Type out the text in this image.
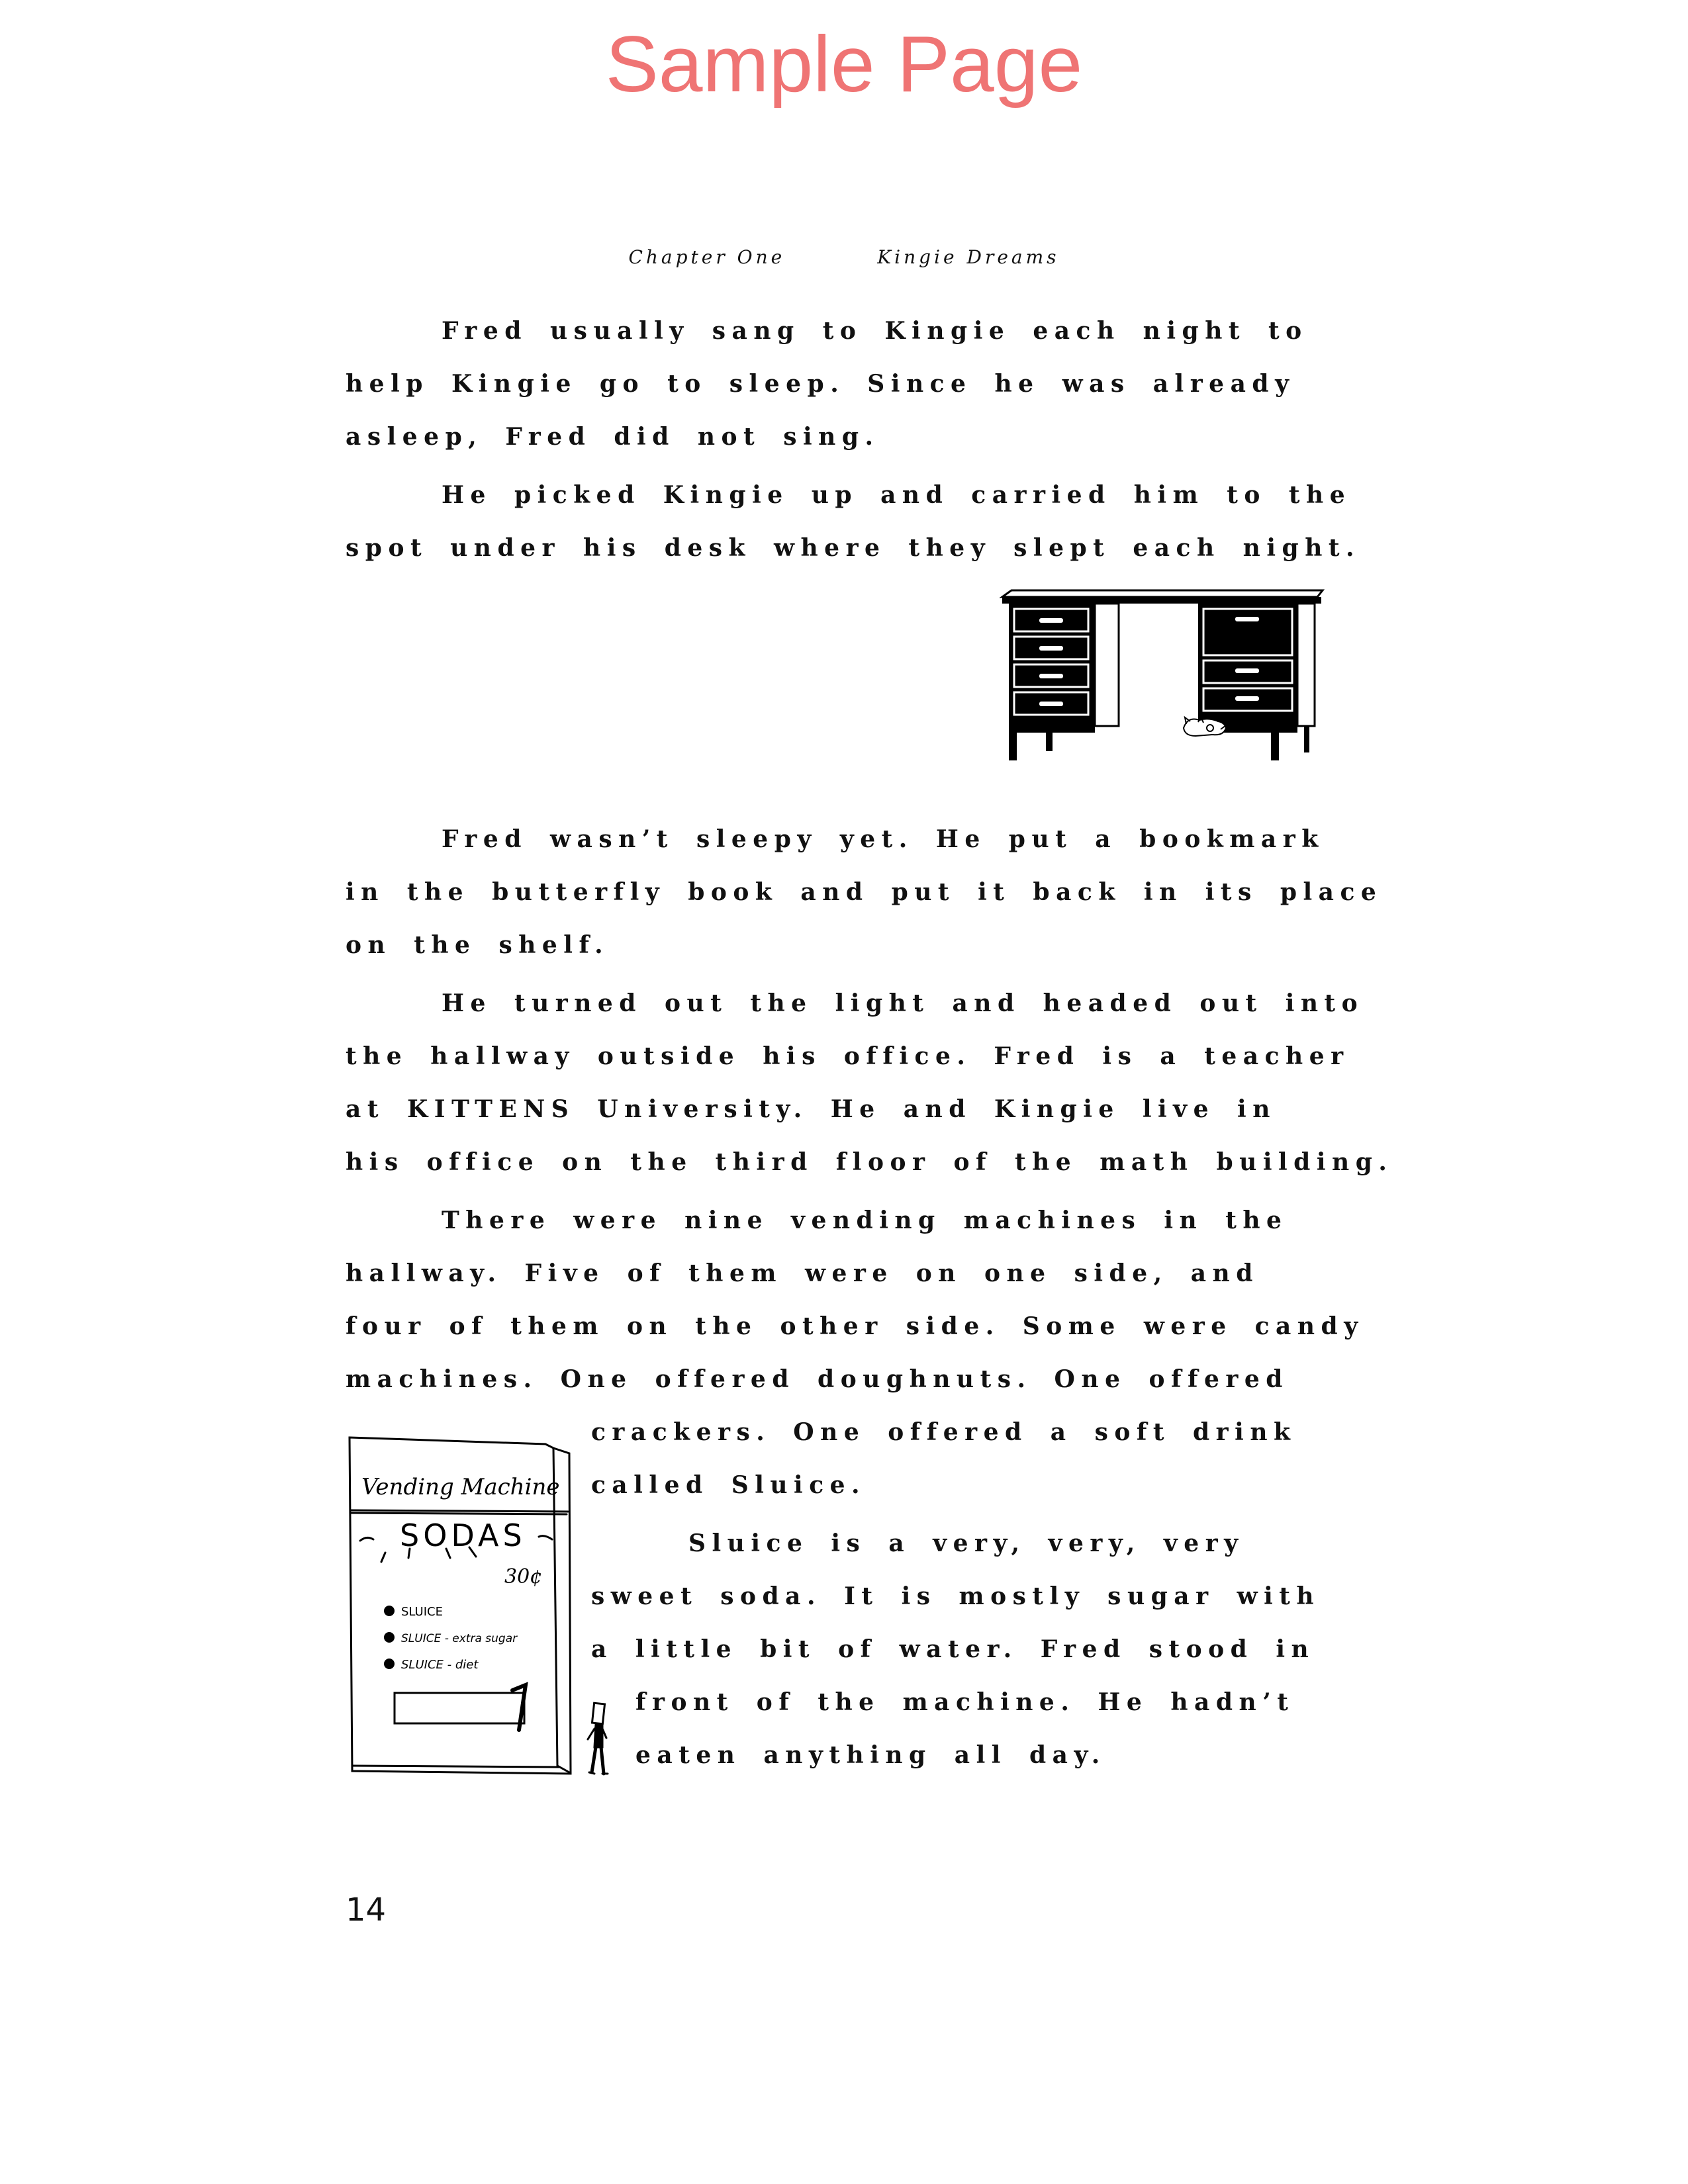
Sample Page
Chapter One	Kingie Dreams

Fred usually sang to Kingie each night to

help Kingie go to sleep. Since he was already

asleep, Fred did not sing.

He picked Kingie up and carried him to the

spot under his desk where they slept each night.

Fred wasn’t sleepy yet. He put a bookmark

in the butterfly book and put it back in its place

on the shelf.

He turned out the light and headed out into

the hallway outside his office. Fred is a teacher

at KITTENS University. He and Kingie live in

his office on the third floor of the math building.

There were nine vending machines in the

hallway. Five of them were on one side, and

four of them on the other side. Some were candy

machines. One offered doughnuts. One offered

crackers. One offered a soft drink

called Sluice.

Sluice is a very, very, very

sweet soda. It is mostly sugar with

a little bit of water. Fred stood in

front of the machine. He hadn’t

eaten anything all day.

Vending Machine
SODAS
30¢
SLUICE
SLUICE - extra sugar
SLUICE - diet
14
